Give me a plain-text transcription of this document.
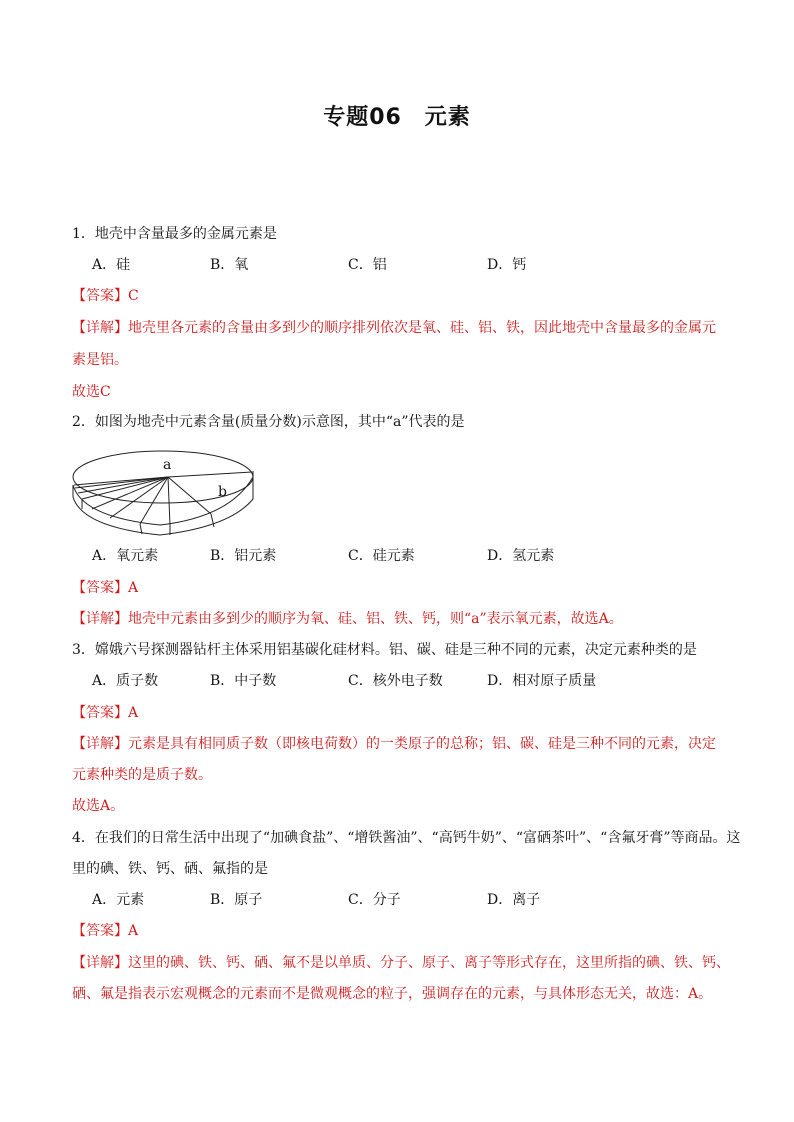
专题06　元素
1．地壳中含量最多的金属元素是
A．硅	B．氧	C．铝	D．钙
【答案】C
【详解】地壳里各元素的含量由多到少的顺序排列依次是氧、硅、铝、铁，因此地壳中含量最多的金属元
素是铝。
故选C
2．如图为地壳中元素含量(质量分数)示意图，其中“a”代表的是
a
b
A．氧元素	B．铝元素	C．硅元素	D．氢元素
【答案】A
【详解】地壳中元素由多到少的顺序为氧、硅、铝、铁、钙，则“a”表示氧元素，故选A。
3．嫦娥六号探测器钻杆主体采用铝基碳化硅材料。铝、碳、硅是三种不同的元素，决定元素种类的是
A．质子数	B．中子数	C．核外电子数	D．相对原子质量
【答案】A
【详解】元素是具有相同质子数（即核电荷数）的一类原子的总称；铝、碳、硅是三种不同的元素，决定
元素种类的是质子数。
故选A。
4．在我们的日常生活中出现了“加碘食盐”、“增铁酱油”、“高钙牛奶”、“富硒茶叶”、“含氟牙膏”等商品。这
里的碘、铁、钙、硒、氟指的是
A．元素	B．原子	C．分子	D．离子
【答案】A
【详解】这里的碘、铁、钙、硒、氟不是以单质、分子、原子、离子等形式存在，这里所指的碘、铁、钙、
硒、氟是指表示宏观概念的元素而不是微观概念的粒子，强调存在的元素，与具体形态无关，故选：A。
